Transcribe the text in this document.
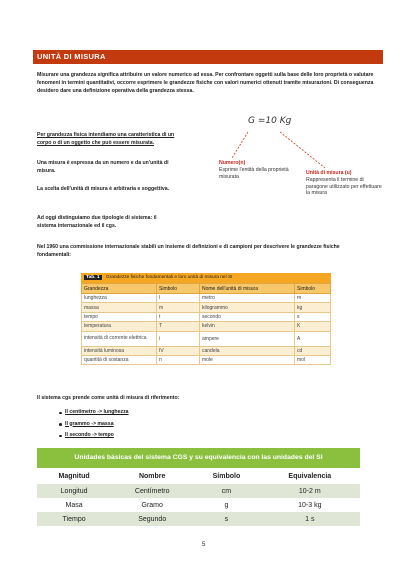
UNITÀ DI MISURA
Misurare una grandezza significa attribuire un valore numerico ad essa. Per confrontare oggetti sulla base delle loro proprietà o valutare fenomeni in termini quantitativi, occorre esprimere le grandezze fisiche con valori numerici ottenuti tramite misurazioni. Di conseguenza desidero dare una definizione operativa della grandezza stessa.
Per grandezza fisica intendiamo una caratteristica di un corpo o di un oggetto che può essere misurata.
Una misura è espressa da un numero e da un'unità di misura.
La scelta dell'unità di misura è arbitraria e soggettiva.
Ad oggi distinguiamo due tipologie di sistema: il sistema internazionale ed il cgs.
G =10 Kg
Numero(n)
Esprime l'entità della proprietà misurata
Unità di misura (u)
Rappresenta il termine di paragone utilizzato per effettuare la misura
Nel 1960 una commissione internazionale stabilì un insieme di definizioni e di campioni per descrivere le grandezze fisiche fondamentali:
Tab. 1 Grandezze fisiche fondamentali e loro unità di misura nel SI
Grandezza	Simbolo	Nome dell'unità di misura	Simbolo
lunghezza	l	metro	m
massa	m	kilogrammo	kg
tempo	t	secondo	s
temperatura	T	kelvin	K
intensità di corrente elettrica	i	ampere	A
intensità luminosa	IV	candela	cd
quantità di sostanza	n	mole	mol
Il sistema cgs prende come unità di misura di riferimento:
Il centimetro -> lunghezza
Il grammo -> massa
Il secondo -> tempo
Unidades básicas del sistema CGS y su equivalencia con las unidades del SI
Magnitud	Nombre	Símbolo	Equivalencia
Longitud	Centímetro	cm	10-2 m
Masa	Gramo	g	10-3 kg
Tiempo	Segundo	s	1 s
5
